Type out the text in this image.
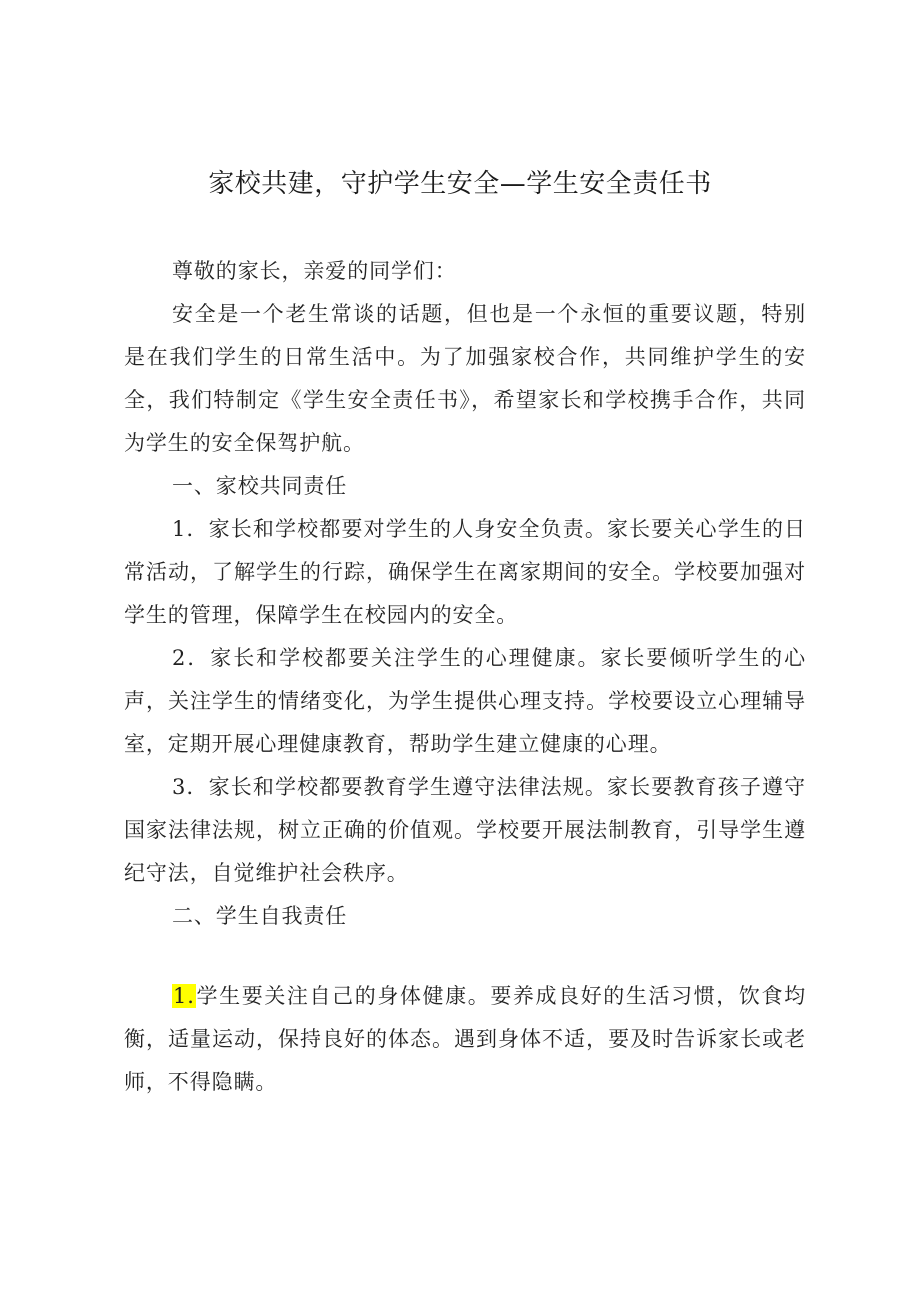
家校共建，守护学生安全—学生安全责任书

尊敬的家长，亲爱的同学们：

安全是一个老生常谈的话题，但也是一个永恒的重要议题，特别是在我们学生的日常生活中。为了加强家校合作，共同维护学生的安全，我们特制定《学生安全责任书》，希望家长和学校携手合作，共同为学生的安全保驾护航。

一、家校共同责任

1．家长和学校都要对学生的人身安全负责。家长要关心学生的日常活动，了解学生的行踪，确保学生在离家期间的安全。学校要加强对学生的管理，保障学生在校园内的安全。

2．家长和学校都要关注学生的心理健康。家长要倾听学生的心声，关注学生的情绪变化，为学生提供心理支持。学校要设立心理辅导室，定期开展心理健康教育，帮助学生建立健康的心理。

3．家长和学校都要教育学生遵守法律法规。家长要教育孩子遵守国家法律法规，树立正确的价值观。学校要开展法制教育，引导学生遵纪守法，自觉维护社会秩序。

二、学生自我责任

1.学生要关注自己的身体健康。要养成良好的生活习惯，饮食均衡，适量运动，保持良好的体态。遇到身体不适，要及时告诉家长或老师，不得隐瞒。
